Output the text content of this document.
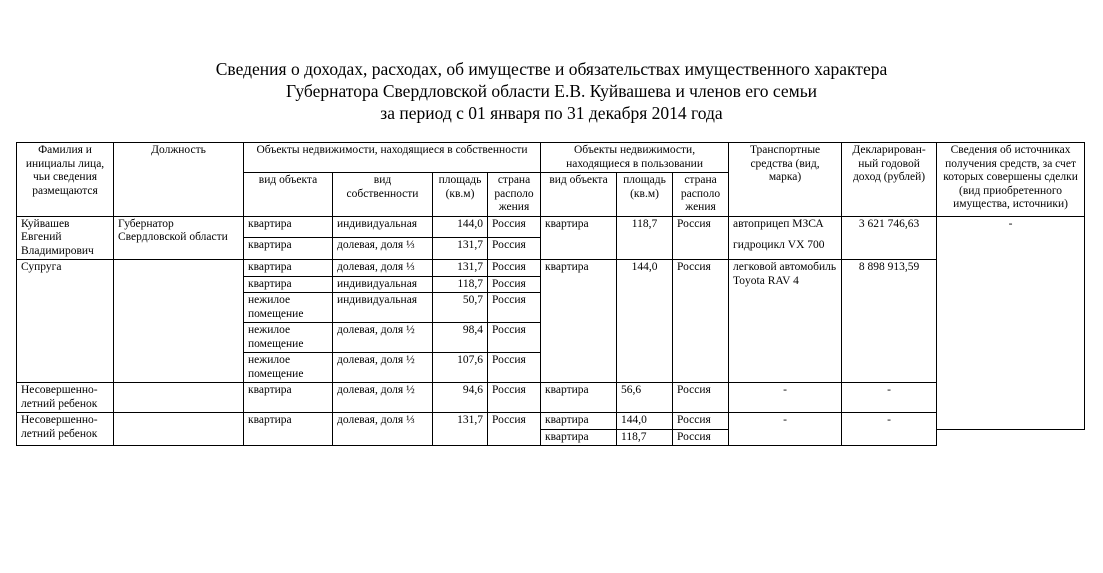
Сведения о доходах, расходах, об имуществе и обязательствах имущественного характера
Губернатора Свердловской области Е.В. Куйвашева и членов его семьи
за период с 01 января по 31 декабря 2014 года
Фамилия и инициалы лица, чьи сведения размещаются	Должность	Объекты недвижимости, находящиеся в собственности				Объекты недвижимости, находящиеся в пользовании			Транспортные средства (вид, марка)	Декларирован-ный годовой доход (рублей)	Сведения об источниках получения средств, за счет которых совершены сделки (вид приобретенного имущества, источники)
		вид объекта	вид собственности	площадь (кв.м)	страна располо жения	вид объекта	площадь (кв.м)	страна располо жения			
Куйвашев Евгений Владимирович	Губернатор Свердловской области	квартира	индивидуальная	144,0	Россия	квартира	118,7	Россия	автоприцеп МЗСА	3 621 746,63	-
		квартира	долевая, доля ⅓	131,7	Россия				гидроцикл VX 700		
Супруга		квартира	долевая, доля ⅓	131,7	Россия	квартира	144,0	Россия	легковой автомобиль Toyota RAV 4	8 898 913,59	
		квартира	индивидуальная	118,7	Россия						
		нежилое помещение	индивидуальная	50,7	Россия						
		нежилое помещение	долевая, доля ½	98,4	Россия						
		нежилое помещение	долевая, доля ½	107,6	Россия						
Несовершенно-летний ребенок		квартира	долевая, доля ½	94,6	Россия	квартира	56,6	Россия	-	-	
Несовершенно-летний ребенок		квартира	долевая, доля ⅓	131,7	Россия	квартира	144,0	Россия	-	-	
						квартира	118,7	Россия			
